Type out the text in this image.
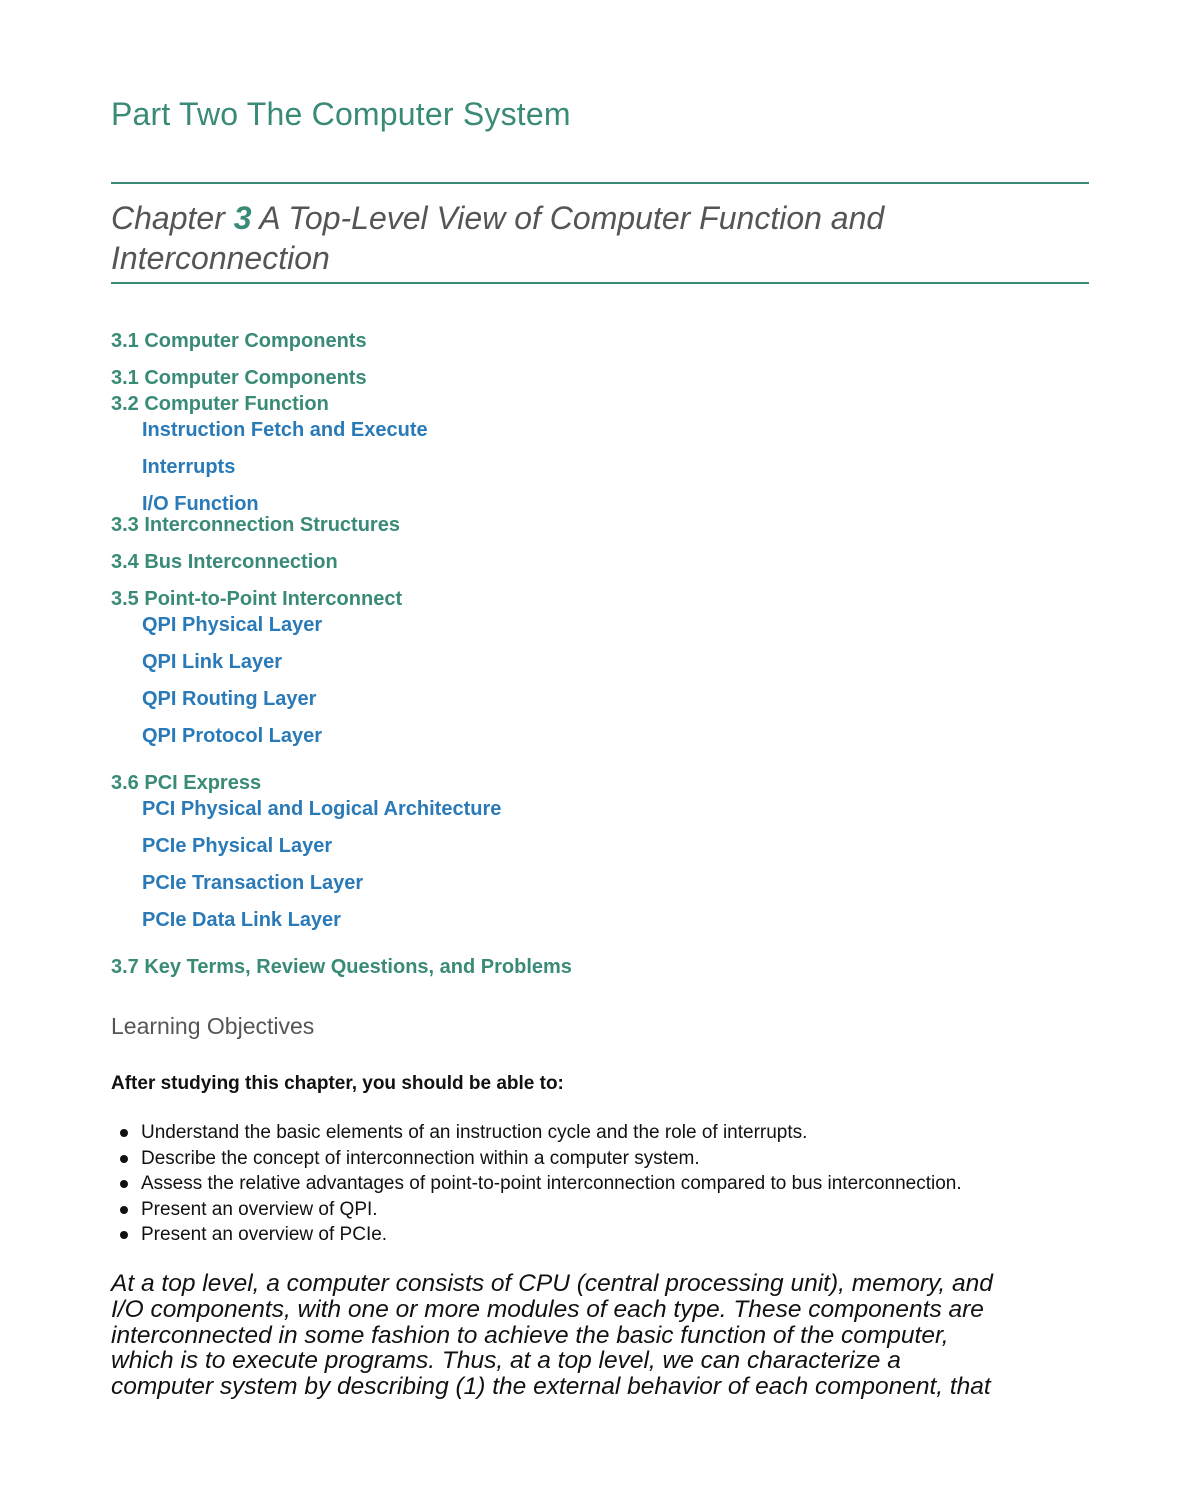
Part Two The Computer System
Chapter 3 A Top-Level View of Computer Function and
Interconnection
3.1 Computer Components
3.1 Computer Components
3.2 Computer Function
Instruction Fetch and Execute
Interrupts
I/O Function
3.3 Interconnection Structures
3.4 Bus Interconnection
3.5 Point-to-Point Interconnect
QPI Physical Layer
QPI Link Layer
QPI Routing Layer
QPI Protocol Layer
3.6 PCI Express
PCI Physical and Logical Architecture
PCIe Physical Layer
PCIe Transaction Layer
PCIe Data Link Layer
3.7 Key Terms, Review Questions, and Problems
Learning Objectives

After studying this chapter, you should be able to:

Understand the basic elements of an instruction cycle and the role of interrupts.
Describe the concept of interconnection within a computer system.
Assess the relative advantages of point-to-point interconnection compared to bus interconnection.
Present an overview of QPI.
Present an overview of PCIe.

At a top level, a computer consists of CPU (central processing unit), memory, and
I/O components, with one or more modules of each type. These components are
interconnected in some fashion to achieve the basic function of the computer,
which is to execute programs. Thus, at a top level, we can characterize a
computer system by describing (1) the external behavior of each component, that
